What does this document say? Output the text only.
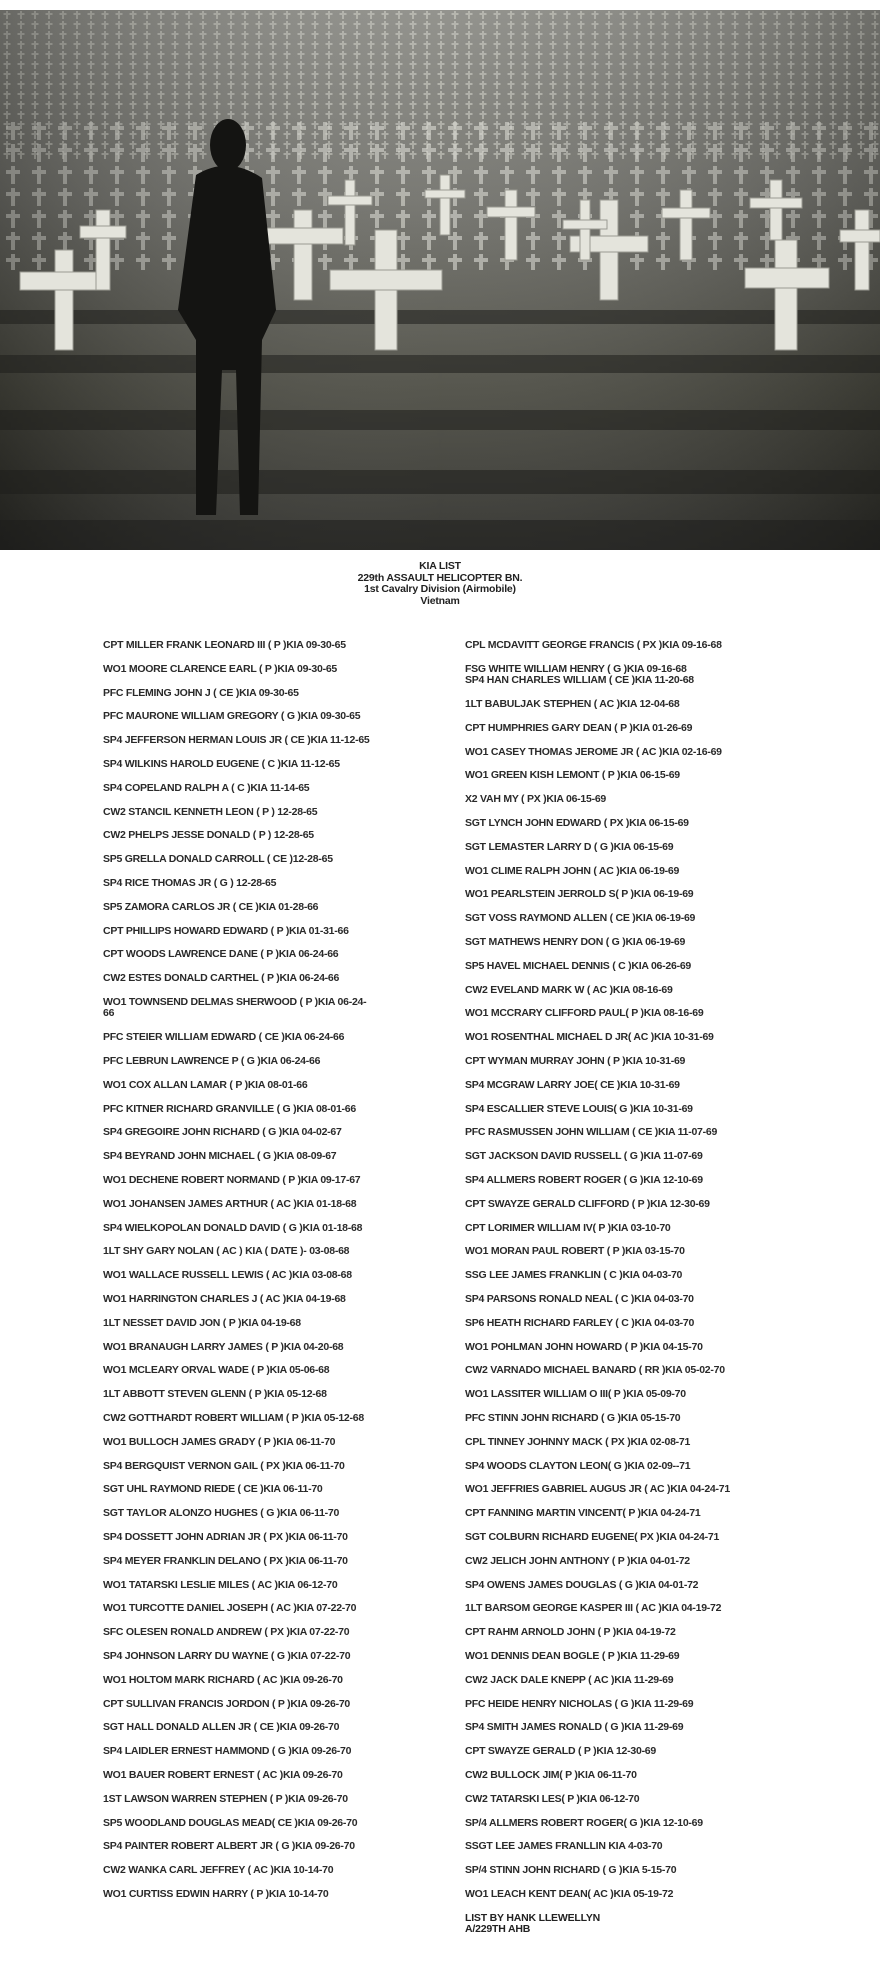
KIA LIST
229th ASSAULT HELICOPTER BN.
1st Cavalry Division (Airmobile)
Vietnam
CPT MILLER FRANK LEONARD III ( P )KIA 09-30-65
WO1 MOORE CLARENCE EARL ( P )KIA 09-30-65
PFC FLEMING JOHN J ( CE )KIA 09-30-65
PFC MAURONE WILLIAM GREGORY ( G )KIA 09-30-65
SP4 JEFFERSON HERMAN LOUIS JR ( CE )KIA 11-12-65
SP4 WILKINS HAROLD EUGENE ( C )KIA 11-12-65
SP4 COPELAND RALPH A ( C )KIA 11-14-65
CW2 STANCIL KENNETH LEON ( P ) 12-28-65
CW2 PHELPS JESSE DONALD ( P ) 12-28-65
SP5 GRELLA DONALD CARROLL ( CE )12-28-65
SP4 RICE THOMAS JR ( G ) 12-28-65
SP5 ZAMORA CARLOS JR ( CE )KIA 01-28-66
CPT PHILLIPS HOWARD EDWARD ( P )KIA 01-31-66
CPT WOODS LAWRENCE DANE ( P )KIA 06-24-66
CW2 ESTES DONALD CARTHEL ( P )KIA 06-24-66
WO1 TOWNSEND DELMAS SHERWOOD ( P )KIA 06-24-
66
PFC STEIER WILLIAM EDWARD ( CE )KIA 06-24-66
PFC LEBRUN LAWRENCE P ( G )KIA 06-24-66
WO1 COX ALLAN LAMAR ( P )KIA 08-01-66
PFC KITNER RICHARD GRANVILLE ( G )KIA 08-01-66
SP4 GREGOIRE JOHN RICHARD ( G )KIA 04-02-67
SP4 BEYRAND JOHN MICHAEL ( G )KIA 08-09-67
WO1 DECHENE ROBERT NORMAND ( P )KIA 09-17-67
WO1 JOHANSEN JAMES ARTHUR ( AC )KIA 01-18-68
SP4 WIELKOPOLAN DONALD DAVID ( G )KIA 01-18-68
1LT SHY GARY NOLAN ( AC ) KIA ( DATE )- 03-08-68
WO1 WALLACE RUSSELL LEWIS ( AC )KIA 03-08-68
WO1 HARRINGTON CHARLES J ( AC )KIA 04-19-68
1LT NESSET DAVID JON ( P )KIA 04-19-68
WO1 BRANAUGH LARRY JAMES ( P )KIA 04-20-68
WO1 MCLEARY ORVAL WADE ( P )KIA 05-06-68
1LT ABBOTT STEVEN GLENN ( P )KIA 05-12-68
CW2 GOTTHARDT ROBERT WILLIAM ( P )KIA 05-12-68
WO1 BULLOCH JAMES GRADY ( P )KIA 06-11-70
SP4 BERGQUIST VERNON GAIL ( PX )KIA 06-11-70
SGT UHL RAYMOND RIEDE ( CE )KIA 06-11-70
SGT TAYLOR ALONZO HUGHES ( G )KIA 06-11-70
SP4 DOSSETT JOHN ADRIAN JR ( PX )KIA 06-11-70
SP4 MEYER FRANKLIN DELANO ( PX )KIA 06-11-70
WO1 TATARSKI LESLIE MILES ( AC )KIA 06-12-70
WO1 TURCOTTE DANIEL JOSEPH ( AC )KIA 07-22-70
SFC OLESEN RONALD ANDREW ( PX )KIA 07-22-70
SP4 JOHNSON LARRY DU WAYNE ( G )KIA 07-22-70
WO1 HOLTOM MARK RICHARD ( AC )KIA 09-26-70
CPT SULLIVAN FRANCIS JORDON ( P )KIA 09-26-70
SGT HALL DONALD ALLEN JR ( CE )KIA 09-26-70
SP4 LAIDLER ERNEST HAMMOND ( G )KIA 09-26-70
WO1 BAUER ROBERT ERNEST ( AC )KIA 09-26-70
1ST LAWSON WARREN STEPHEN ( P )KIA 09-26-70
SP5 WOODLAND DOUGLAS MEAD( CE )KIA 09-26-70
SP4 PAINTER ROBERT ALBERT JR ( G )KIA 09-26-70
CW2 WANKA CARL JEFFREY ( AC )KIA 10-14-70
WO1 CURTISS EDWIN HARRY ( P )KIA 10-14-70
CPL MCDAVITT GEORGE FRANCIS ( PX )KIA 09-16-68
FSG WHITE WILLIAM HENRY ( G )KIA 09-16-68
SP4 HAN CHARLES WILLIAM ( CE )KIA 11-20-68
1LT BABULJAK STEPHEN ( AC )KIA 12-04-68
CPT HUMPHRIES GARY DEAN ( P )KIA 01-26-69
WO1 CASEY THOMAS JEROME JR ( AC )KIA 02-16-69
WO1 GREEN KISH LEMONT ( P )KIA 06-15-69
X2 VAH MY ( PX )KIA 06-15-69
SGT LYNCH JOHN EDWARD ( PX )KIA 06-15-69
SGT LEMASTER LARRY D ( G )KIA 06-15-69
WO1 CLIME RALPH JOHN ( AC )KIA 06-19-69
WO1 PEARLSTEIN JERROLD S( P )KIA 06-19-69
SGT VOSS RAYMOND ALLEN ( CE )KIA 06-19-69
SGT MATHEWS HENRY DON ( G )KIA 06-19-69
SP5 HAVEL MICHAEL DENNIS ( C )KIA 06-26-69
CW2 EVELAND MARK W ( AC )KIA 08-16-69
WO1 MCCRARY CLIFFORD PAUL( P )KIA 08-16-69
WO1 ROSENTHAL MICHAEL D JR( AC )KIA 10-31-69
CPT WYMAN MURRAY JOHN ( P )KIA 10-31-69
SP4 MCGRAW LARRY JOE( CE )KIA 10-31-69
SP4 ESCALLIER STEVE LOUIS( G )KIA 10-31-69
PFC RASMUSSEN JOHN WILLIAM ( CE )KIA 11-07-69
SGT JACKSON DAVID RUSSELL ( G )KIA 11-07-69
SP4 ALLMERS ROBERT ROGER ( G )KIA 12-10-69
CPT SWAYZE GERALD CLIFFORD ( P )KIA 12-30-69
CPT LORIMER WILLIAM IV( P )KIA 03-10-70
WO1 MORAN PAUL ROBERT ( P )KIA 03-15-70
SSG LEE JAMES FRANKLIN ( C )KIA 04-03-70
SP4 PARSONS RONALD NEAL ( C )KIA 04-03-70
SP6 HEATH RICHARD FARLEY ( C )KIA 04-03-70
WO1 POHLMAN JOHN HOWARD ( P )KIA 04-15-70
CW2 VARNADO MICHAEL BANARD ( RR )KIA 05-02-70
WO1 LASSITER WILLIAM O III( P )KIA 05-09-70
PFC STINN JOHN RICHARD ( G )KIA 05-15-70
CPL TINNEY JOHNNY MACK ( PX )KIA 02-08-71
SP4 WOODS CLAYTON LEON( G )KIA 02-09--71
WO1 JEFFRIES GABRIEL AUGUS JR ( AC )KIA 04-24-71
CPT FANNING MARTIN VINCENT( P )KIA 04-24-71
SGT COLBURN RICHARD EUGENE( PX )KIA 04-24-71
CW2 JELICH JOHN ANTHONY ( P )KIA 04-01-72
SP4 OWENS JAMES DOUGLAS ( G )KIA 04-01-72
1LT BARSOM GEORGE KASPER III ( AC )KIA 04-19-72
CPT RAHM ARNOLD JOHN ( P )KIA 04-19-72
WO1 DENNIS DEAN BOGLE ( P )KIA 11-29-69
CW2 JACK DALE KNEPP ( AC )KIA 11-29-69
PFC HEIDE HENRY NICHOLAS ( G )KIA 11-29-69
SP4 SMITH JAMES RONALD ( G )KIA 11-29-69
CPT SWAYZE GERALD ( P )KIA 12-30-69
CW2 BULLOCK JIM( P )KIA 06-11-70
CW2 TATARSKI LES( P )KIA 06-12-70
SP/4 ALLMERS ROBERT ROGER( G )KIA 12-10-69
SSGT LEE JAMES FRANLLIN KIA 4-03-70
SP/4 STINN JOHN RICHARD ( G )KIA 5-15-70
WO1 LEACH KENT DEAN( AC )KIA 05-19-72
LIST BY HANK LLEWELLYN
A/229TH AHB
